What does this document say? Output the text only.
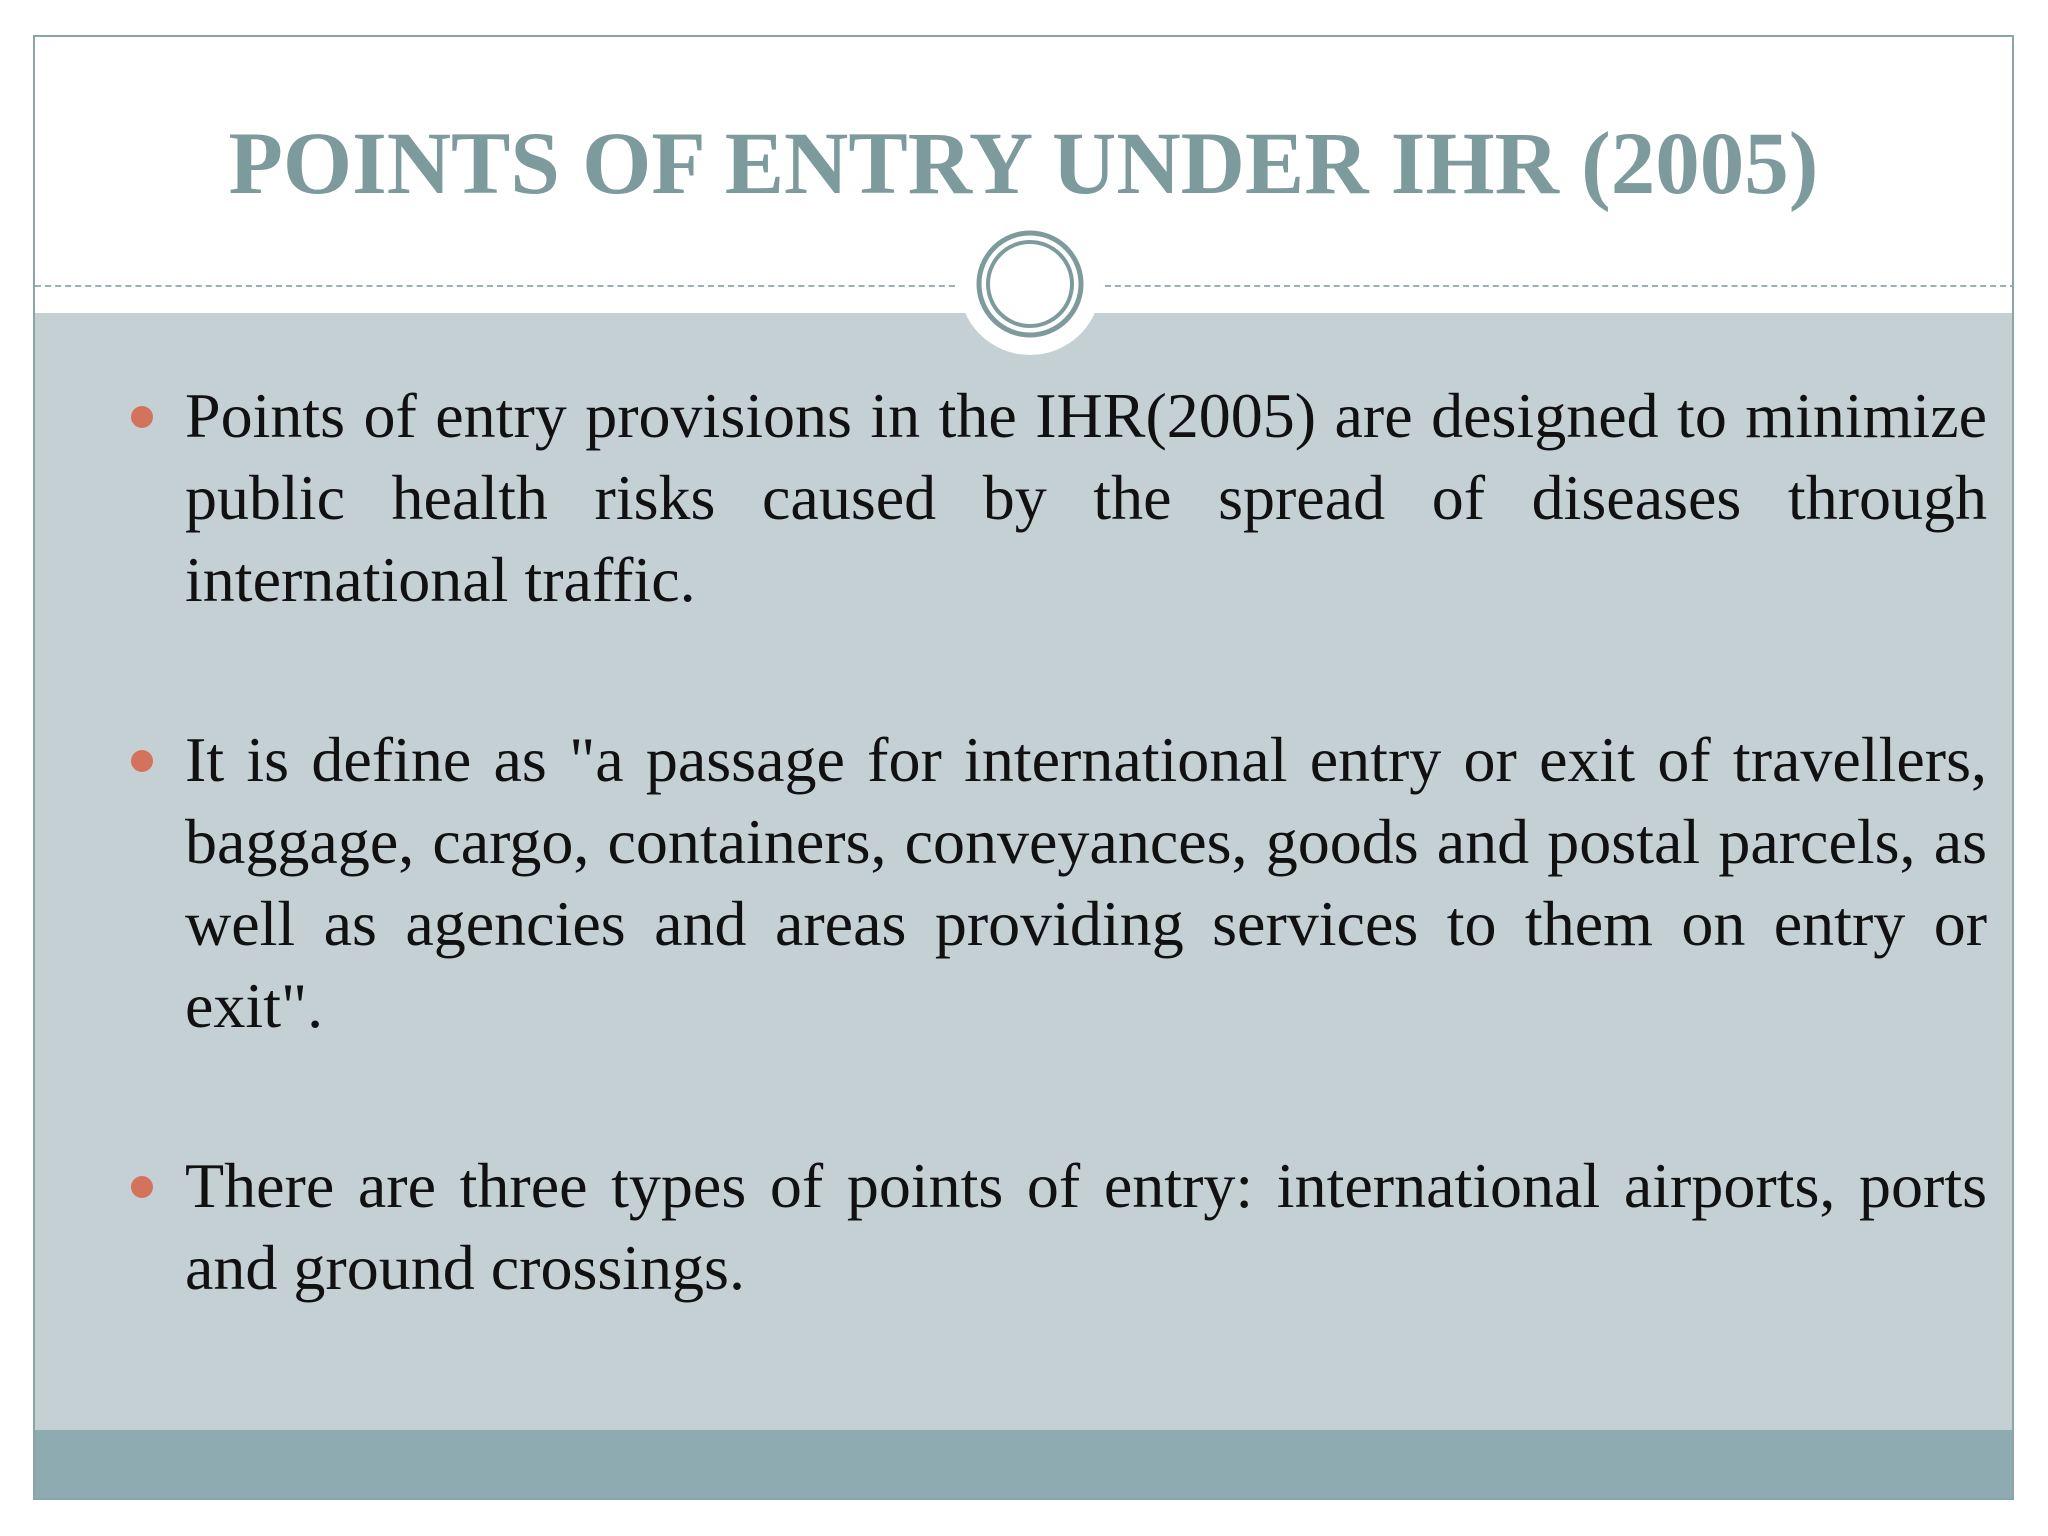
POINTS OF ENTRY UNDER IHR (2005)
Points of entry provisions in the IHR(2005) are designed to minimize public health risks caused by the spread of diseases through international traffic.
It is define as "a passage for international entry or exit of travellers, baggage, cargo, containers, conveyances, goods and postal parcels, as well as agencies and areas providing services to them on entry or exit".
There are three types of points of entry: international airports, ports and ground crossings.
